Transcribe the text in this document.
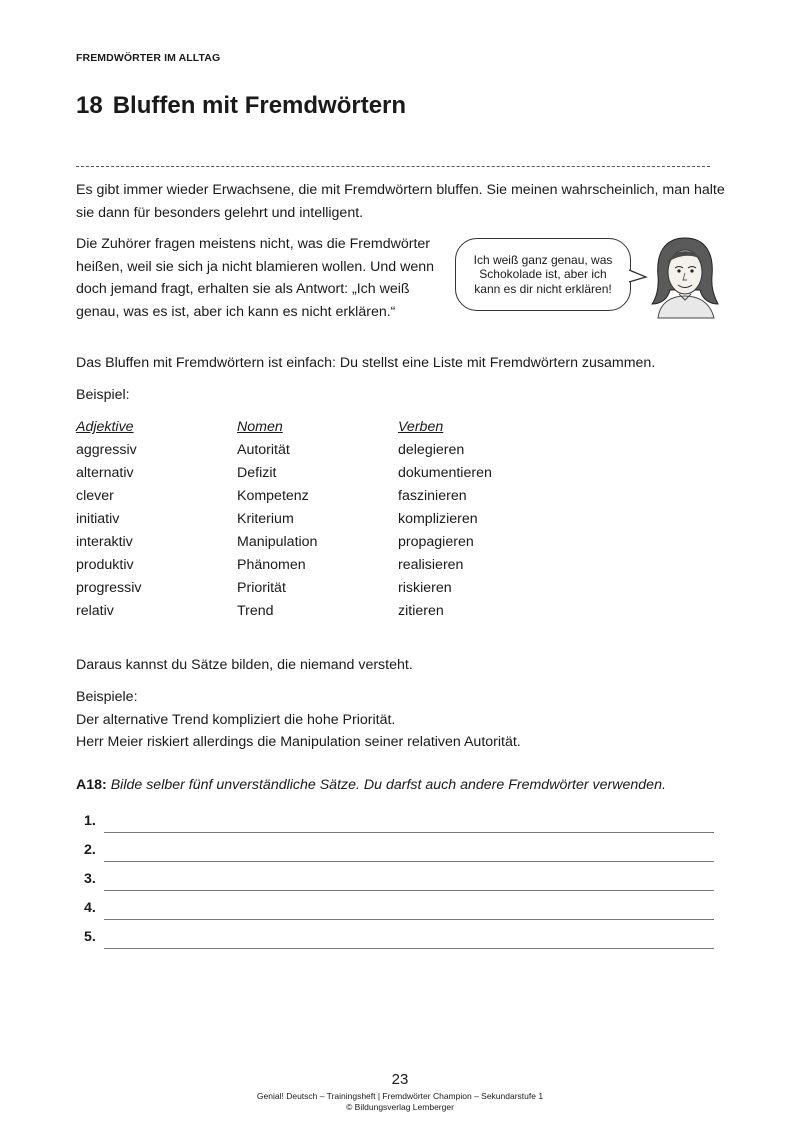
FREMDWÖRTER IM ALLTAG
18 Bluffen mit Fremdwörtern

Es gibt immer wieder Erwachsene, die mit Fremdwörtern bluffen. Sie meinen wahrscheinlich, man halte sie dann für besonders gelehrt und intelligent.

Die Zuhörer fragen meistens nicht, was die Fremdwörter heißen, weil sie sich ja nicht blamieren wollen. Und wenn doch jemand fragt, erhalten sie als Antwort: „Ich weiß genau, was es ist, aber ich kann es nicht erklären.“

Ich weiß ganz genau, was Schokolade ist, aber ich kann es dir nicht erklären!

Das Bluffen mit Fremdwörtern ist einfach: Du stellst eine Liste mit Fremdwörtern zusammen.

Beispiel:

Adjektive
aggressiv
alternativ
clever
initiativ
interaktiv
produktiv
progressiv
relativ
Nomen
Autorität
Defizit
Kompetenz
Kriterium
Manipulation
Phänomen
Priorität
Trend
Verben
delegieren
dokumentieren
faszinieren
komplizieren
propagieren
realisieren
riskieren
zitieren

Daraus kannst du Sätze bilden, die niemand versteht.

Beispiele:
Der alternative Trend kompliziert die hohe Priorität.
Herr Meier riskiert allerdings die Manipulation seiner relativen Autorität.
A18: Bilde selber fünf unverständliche Sätze. Du darfst auch andere Fremdwörter verwenden.
1.
2.
3.
4.
5.
23
Genial! Deutsch – Trainingsheft | Fremdwörter Champion – Sekundarstufe 1
© Bildungsverlag Lemberger
